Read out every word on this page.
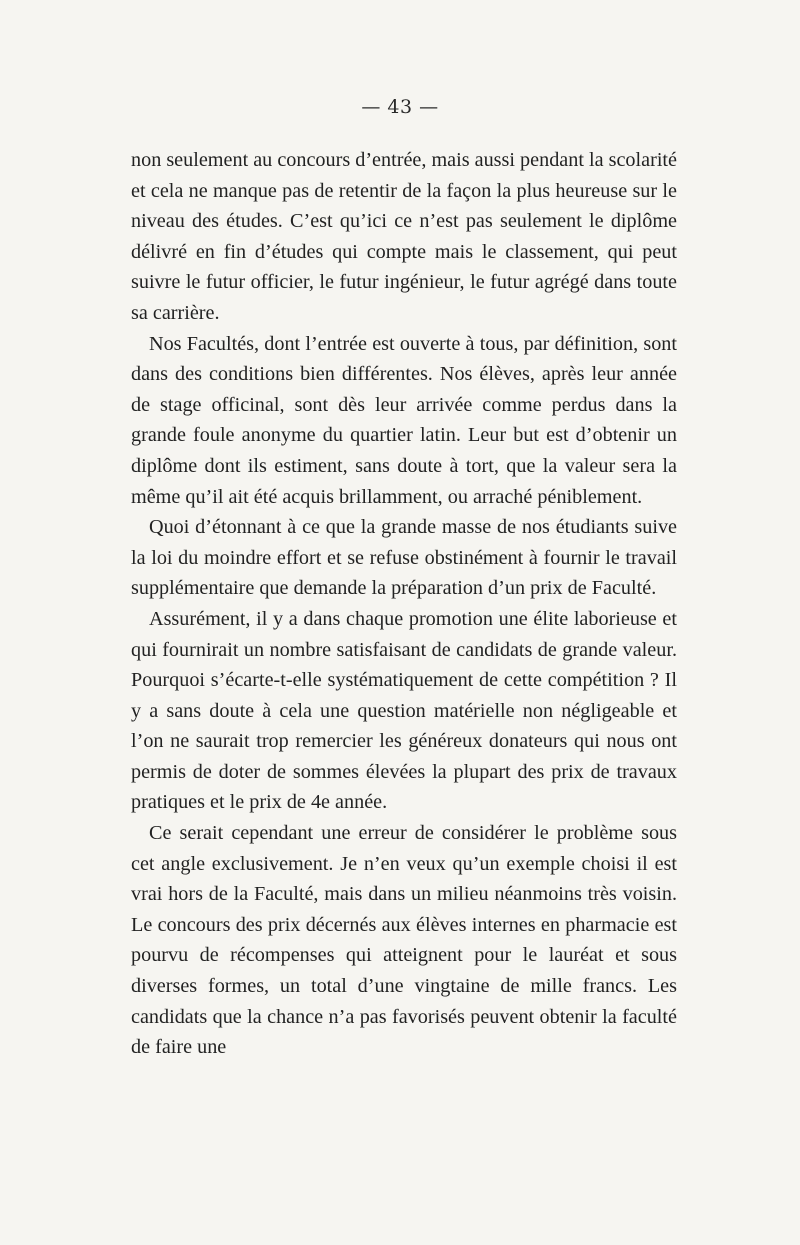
— 43 —

non seulement au concours d’entrée, mais aussi pendant la scolarité et cela ne manque pas de retentir de la façon la plus heureuse sur le niveau des études. C’est qu’ici ce n’est pas seulement le diplôme délivré en fin d’études qui compte mais le classement, qui peut suivre le futur officier, le futur ingénieur, le futur agrégé dans toute sa carrière.

Nos Facultés, dont l’entrée est ouverte à tous, par définition, sont dans des conditions bien différentes. Nos élèves, après leur année de stage officinal, sont dès leur arrivée comme perdus dans la grande foule anonyme du quartier latin. Leur but est d’obtenir un diplôme dont ils estiment, sans doute à tort, que la valeur sera la même qu’il ait été acquis brillamment, ou arraché péniblement.

Quoi d’étonnant à ce que la grande masse de nos étudiants suive la loi du moindre effort et se refuse obstinément à fournir le travail supplémentaire que demande la préparation d’un prix de Faculté.

Assurément, il y a dans chaque promotion une élite laborieuse et qui fournirait un nombre satisfaisant de candidats de grande valeur. Pourquoi s’écarte-t-elle systématiquement de cette compétition ? Il y a sans doute à cela une question matérielle non négligeable et l’on ne saurait trop remercier les généreux donateurs qui nous ont permis de doter de sommes élevées la plupart des prix de travaux pratiques et le prix de 4e année.

Ce serait cependant une erreur de considérer le problème sous cet angle exclusivement. Je n’en veux qu’un exemple choisi il est vrai hors de la Faculté, mais dans un milieu néanmoins très voisin. Le concours des prix décernés aux élèves internes en pharmacie est pourvu de récompenses qui atteignent pour le lauréat et sous diverses formes, un total d’une vingtaine de mille francs. Les candidats que la chance n’a pas favorisés peuvent obtenir la faculté de faire une
